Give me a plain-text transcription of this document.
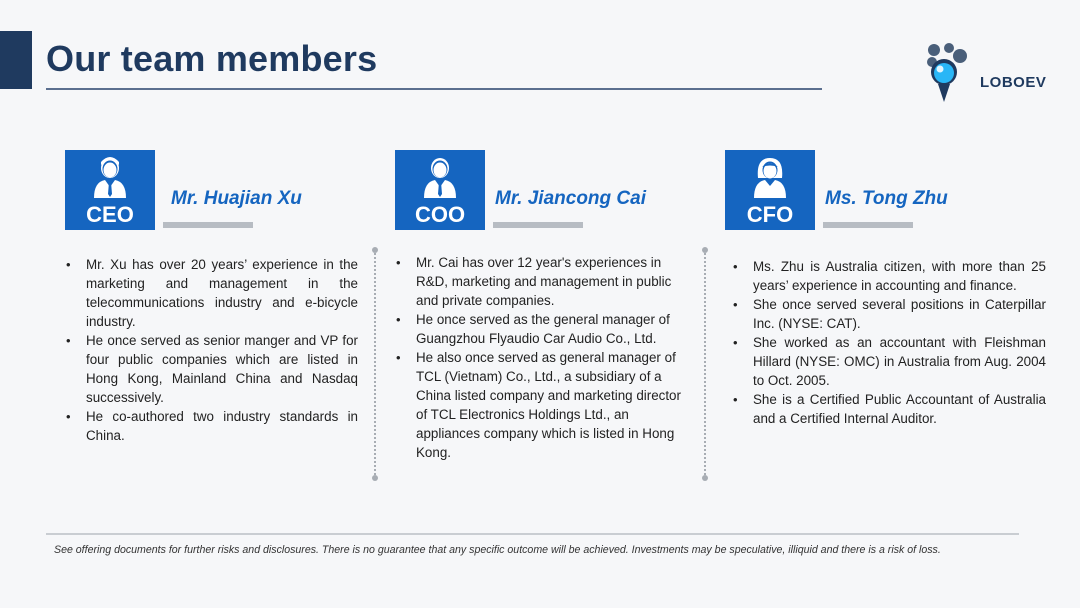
Our team members
LOBOEV
CEO
Mr. Huajian Xu
• Mr. Xu has over 20 years’ experience in the marketing and management in the telecommunications industry and e-bicycle industry.
• He once served as senior manger and VP for four public companies which are listed in Hong Kong, Mainland China and Nasdaq successively.
• He co-authored two industry standards in China.
COO
Mr. Jiancong Cai
• Mr. Cai has over 12 year's experiences in R&D, marketing and management in public and private companies.
• He once served as the general manager of Guangzhou Flyaudio Car Audio Co., Ltd.
• He also once served as general manager of TCL (Vietnam) Co., Ltd., a subsidiary of a China listed company and marketing director of TCL Electronics Holdings Ltd., an appliances company which is listed in Hong Kong.
CFO
Ms. Tong Zhu
• Ms. Zhu is Australia citizen, with more than 25 years’ experience in accounting and finance.
• She once served several positions in Caterpillar Inc. (NYSE: CAT).
• She worked as an accountant with Fleishman Hillard (NYSE: OMC) in Australia from Aug. 2004 to Oct. 2005.
• She is a Certified Public Accountant of Australia and a Certified Internal Auditor.

See offering documents for further risks and disclosures. There is no guarantee that any specific outcome will be achieved. Investments may be speculative, illiquid and there is a risk of loss.
